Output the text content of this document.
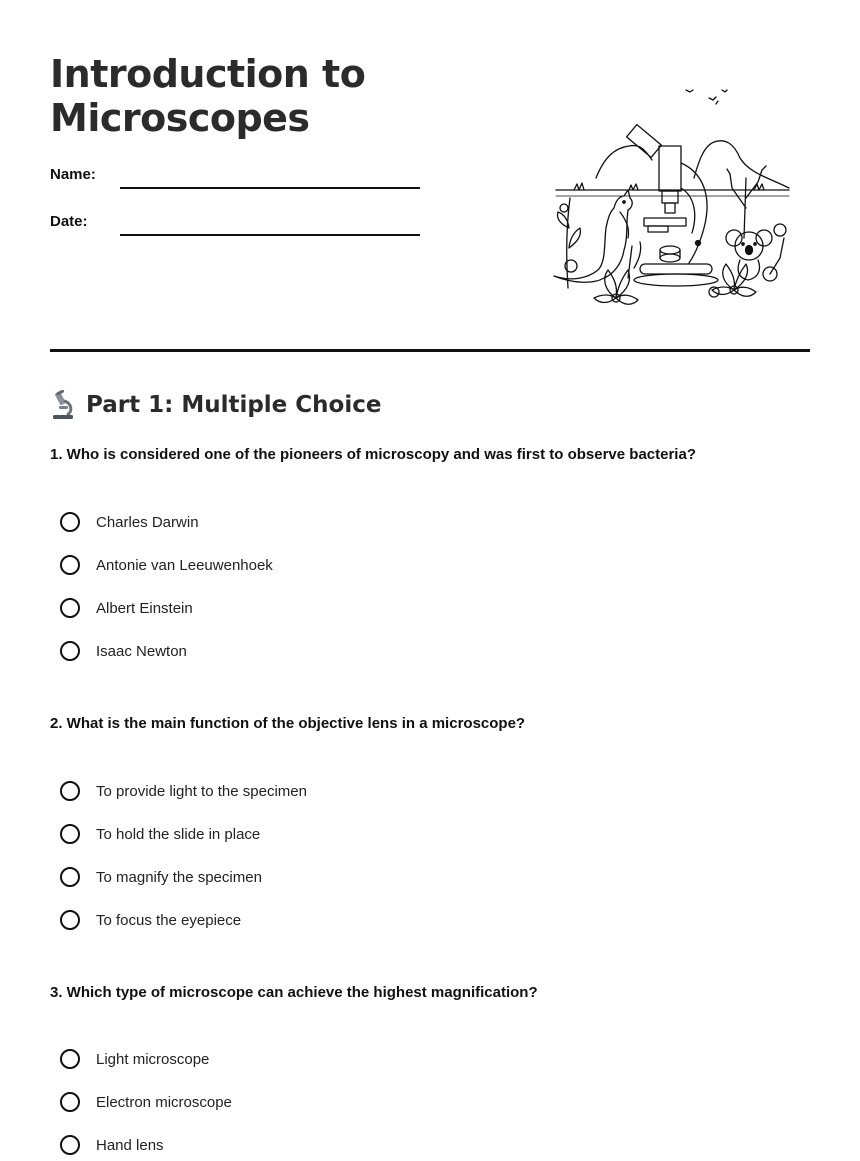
Introduction to
Microscopes
Name:
Date:
Part 1: Multiple Choice
1. Who is considered one of the pioneers of microscopy and was first to observe bacteria?
Charles Darwin
Antonie van Leeuwenhoek
Albert Einstein
Isaac Newton
2. What is the main function of the objective lens in a microscope?
To provide light to the specimen
To hold the slide in place
To magnify the specimen
To focus the eyepiece
3. Which type of microscope can achieve the highest magnification?
Light microscope
Electron microscope
Hand lens
